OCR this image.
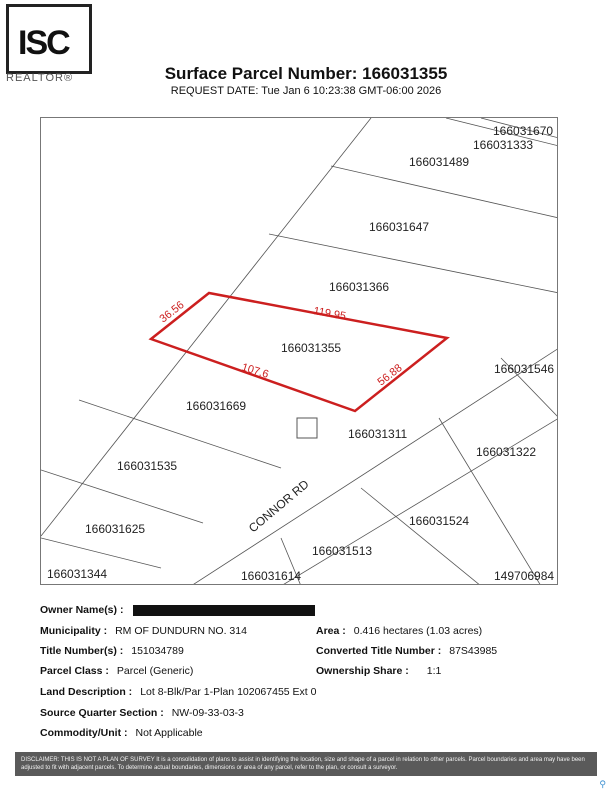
ISC
REALTOR®	Surface Parcel Number: 166031355
REQUEST DATE: Tue Jan 6 10:23:38 GMT-06:00 2026
36.56	119.95
107.6	56.88
166031670
166031333
166031489
166031647
166031366
166031355
166031546
166031669
166031311
166031322
166031535
166031524
166031625
166031513
166031344	166031614	149706984
CONNOR RD
Owner Name(s) :
Municipality : RM OF DUNDURN NO. 314	Area : 0.416 hectares (1.03 acres)
Title Number(s) : 151034789	Converted Title Number : 87S43985
Parcel Class : Parcel (Generic)	Ownership Share : 1:1
Land Description : Lot 8-Blk/Par 1-Plan 102067455 Ext 0
Source Quarter Section : NW-09-33-03-3
Commodity/Unit : Not Applicable
DISCLAIMER: THIS IS NOT A PLAN OF SURVEY It is a consolidation of plans to assist in identifying the location, size and shape of a parcel in relation to other parcels. Parcel boundaries and area may have been adjusted to fit with adjacent parcels. To determine actual boundaries, dimensions or area of any parcel, refer to the plan, or consult a surveyor.
⚲
